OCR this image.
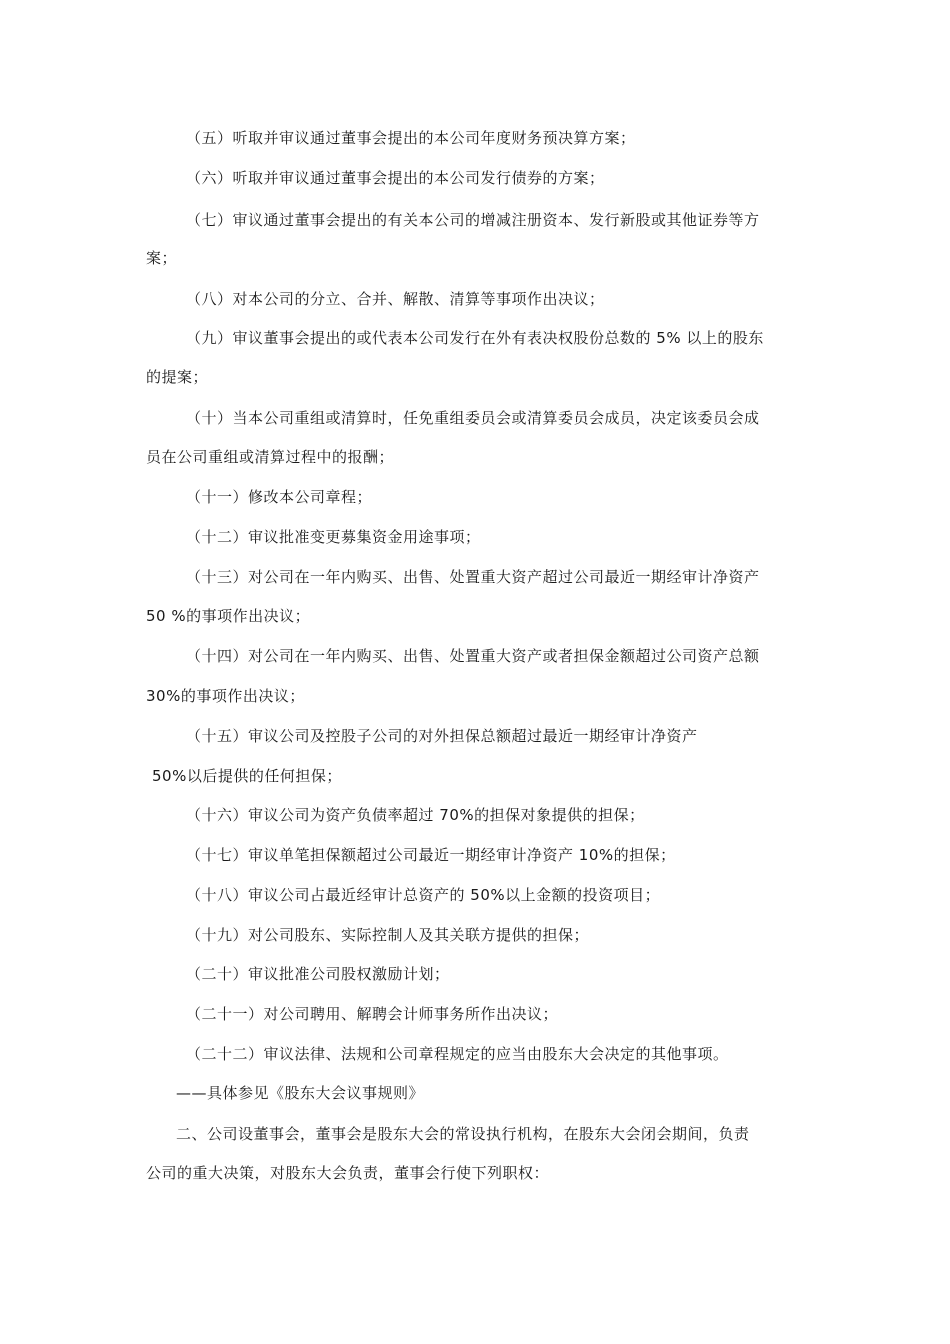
（五）听取并审议通过董事会提出的本公司年度财务预决算方案；
（六）听取并审议通过董事会提出的本公司发行债券的方案；
（七）审议通过董事会提出的有关本公司的增减注册资本、发行新股或其他证券等方
案；
（八）对本公司的分立、合并、解散、清算等事项作出决议；
（九）审议董事会提出的或代表本公司发行在外有表决权股份总数的 5% 以上的股东
的提案；
（十）当本公司重组或清算时，任免重组委员会或清算委员会成员，决定该委员会成
员在公司重组或清算过程中的报酬；
（十一）修改本公司章程；
（十二）审议批准变更募集资金用途事项；
（十三）对公司在一年内购买、出售、处置重大资产超过公司最近一期经审计净资产
50 %的事项作出决议；
（十四）对公司在一年内购买、出售、处置重大资产或者担保金额超过公司资产总额
30%的事项作出决议；
（十五）审议公司及控股子公司的对外担保总额超过最近一期经审计净资产
50%以后提供的任何担保；
（十六）审议公司为资产负债率超过 70%的担保对象提供的担保；
（十七）审议单笔担保额超过公司最近一期经审计净资产 10%的担保；
（十八）审议公司占最近经审计总资产的 50%以上金额的投资项目；
（十九）对公司股东、实际控制人及其关联方提供的担保；
（二十）审议批准公司股权激励计划；
（二十一）对公司聘用、解聘会计师事务所作出决议；
（二十二）审议法律、法规和公司章程规定的应当由股东大会决定的其他事项。
——具体参见《股东大会议事规则》
二、公司设董事会，董事会是股东大会的常设执行机构，在股东大会闭会期间，负责
公司的重大决策，对股东大会负责，董事会行使下列职权：
